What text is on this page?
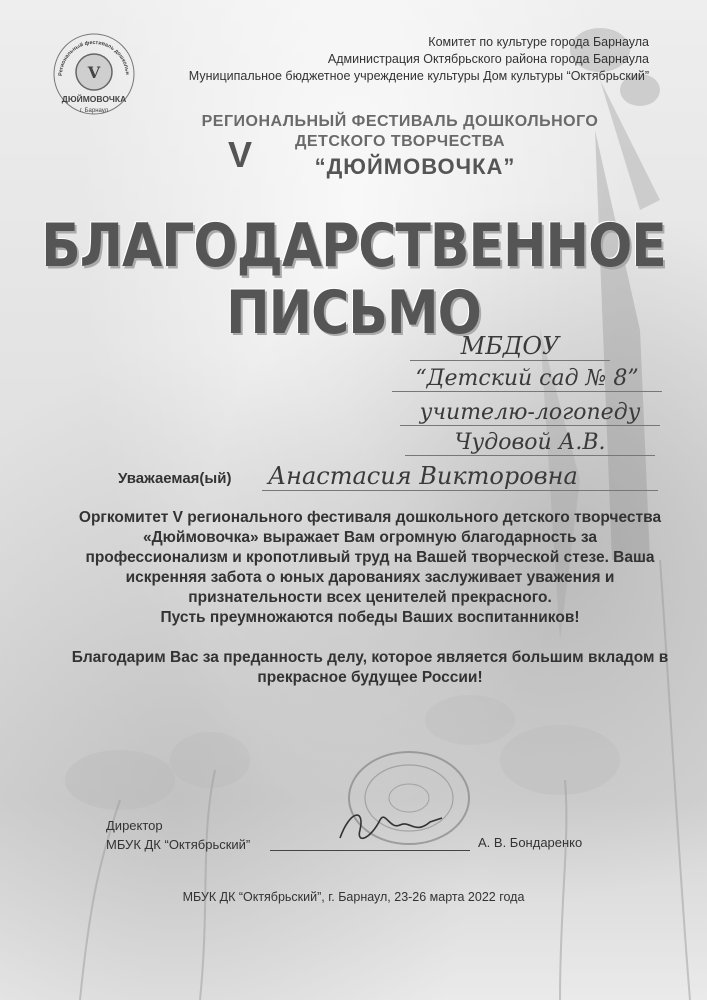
Комитет по культуре города Барнаула
Администрация Октябрьского района города Барнаула
Муниципальное бюджетное учреждение культуры Дом культуры “Октябрьский”
Региональный фестиваль дошкольн
V
ДЮЙМОВОЧКА
г. Барнаул
РЕГИОНАЛЬНЫЙ ФЕСТИВАЛЬ ДОШКОЛЬНОГО
ДЕТСКОГО ТВОРЧЕСТВА
V	“ДЮЙМОВОЧКА”
БЛАГОДАРСТВЕННОЕ
ПИСЬМО
МБДОУ
“Детский сад № 8”
учителю-логопеду
Чудовой А.В.
Уважаемая(ый) Анастасия Викторовна

Оргкомитет V регионального фестиваля дошкольного детского творчества «Дюймовочка» выражает Вам огромную благодарность за профессионализм и кропотливый труд на Вашей творческой стезе. Ваша искренняя забота о юных дарованиях заслуживает уважения и признательности всех ценителей прекрасного.

Пусть преумножаются победы Ваших воспитанников!

Благодарим Вас за преданность делу, которое является большим вкладом в прекрасное будущее России!

Директор
МБУК ДК “Октябрьский”	А. В. Бондаренко
МБУК ДК “Октябрьский”, г. Барнаул, 23-26 марта 2022 года
